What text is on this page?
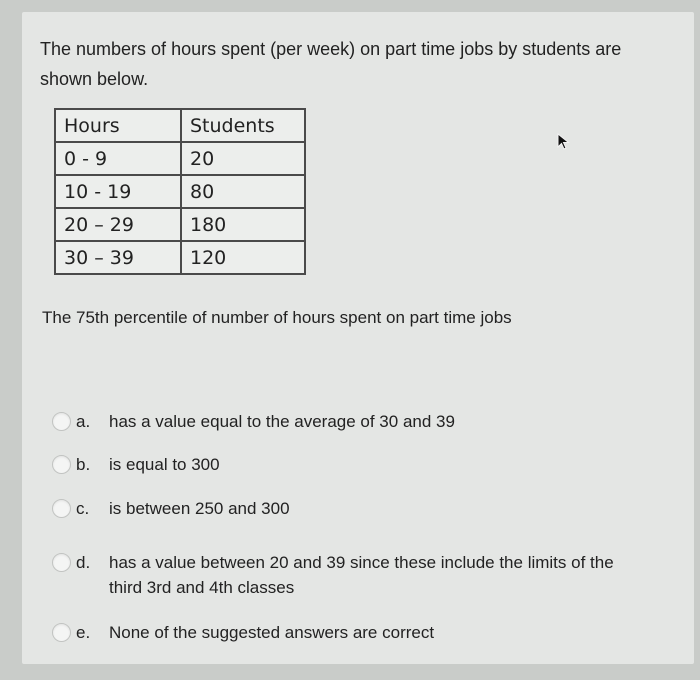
The numbers of hours spent (per week) on part time jobs by students are shown below.
Hours	Students
0 - 9	20
10 - 19	80
20 – 29	180
30 – 39	120
The 75th percentile of number of hours spent on part time jobs
a. has a value equal to the average of 30 and 39
b. is equal to 300
c. is between 250 and 300
d. has a value between 20 and 39 since these include the limits of the third 3rd and 4th classes
e. None of the suggested answers are correct
